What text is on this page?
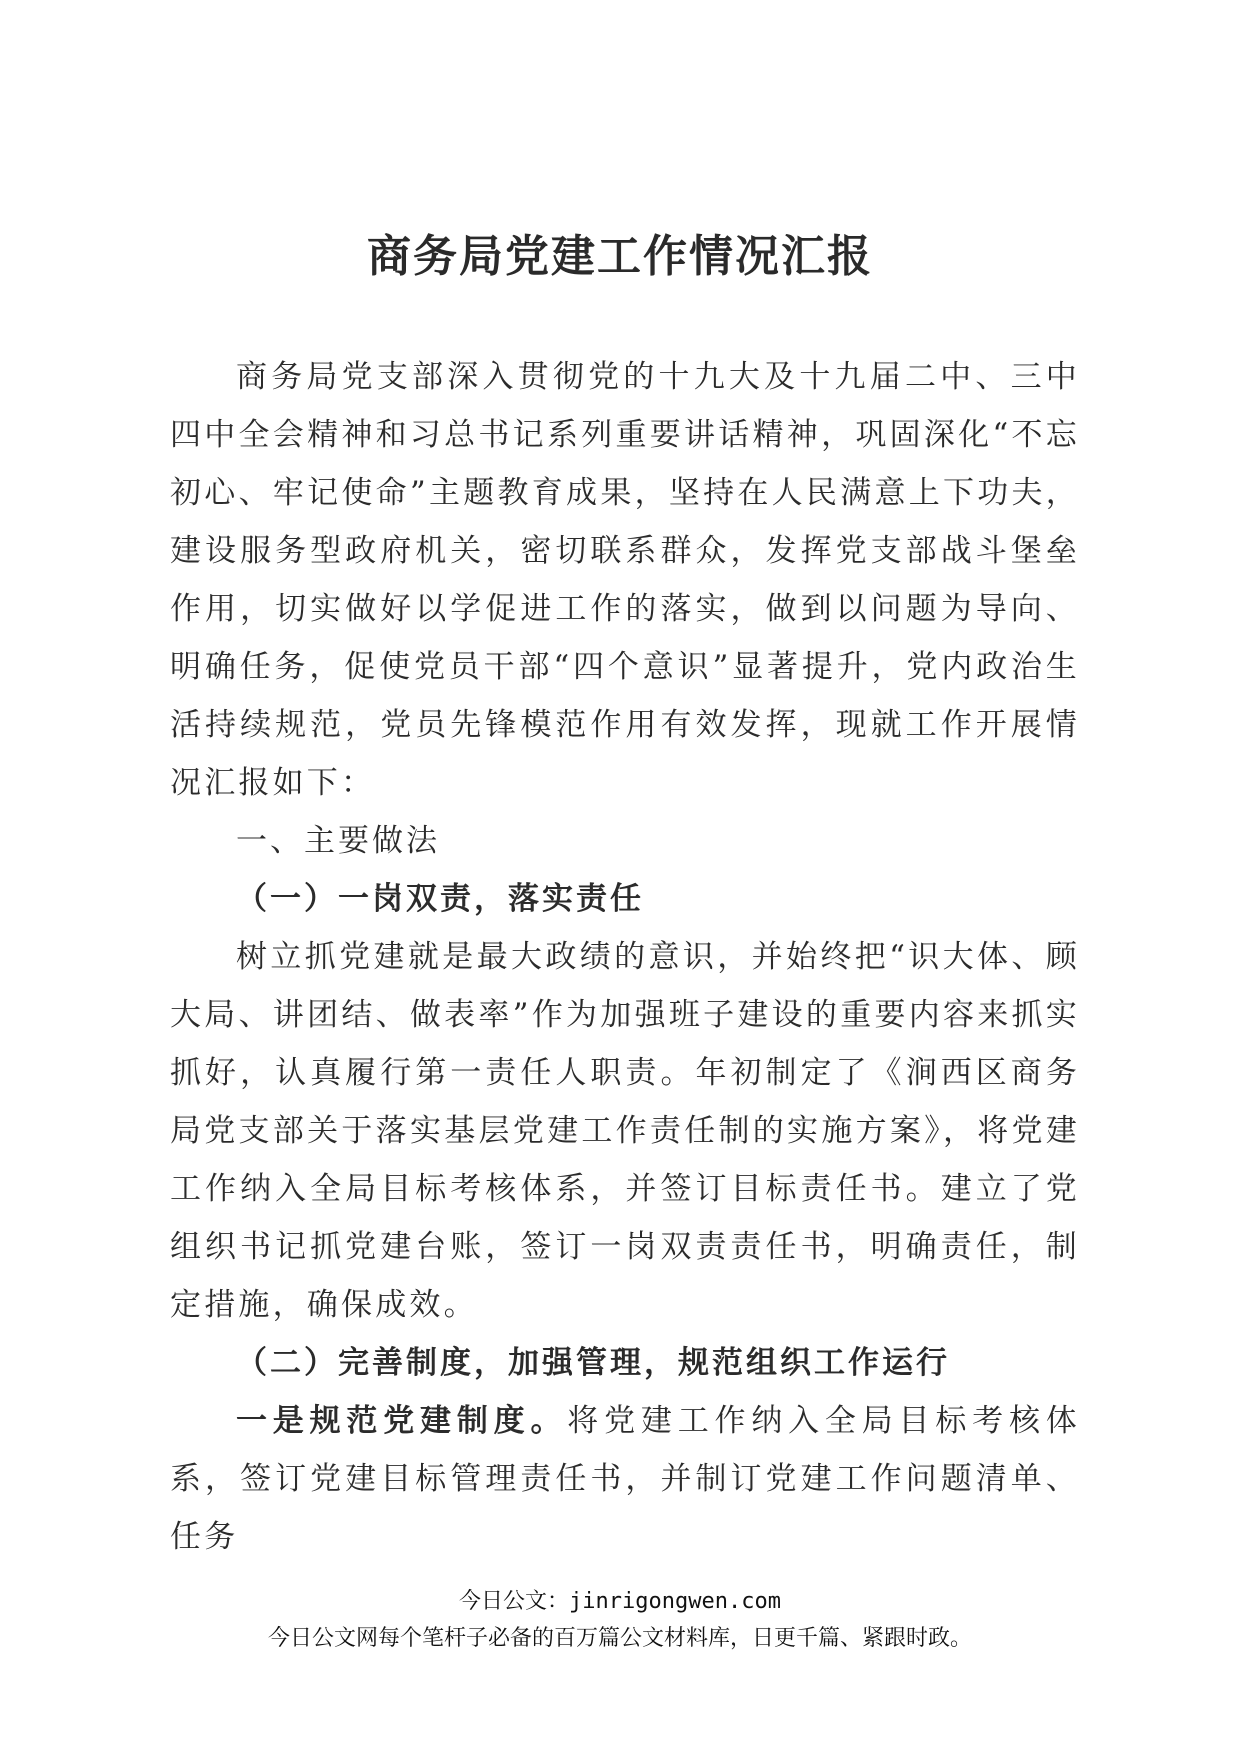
商务局党建工作情况汇报

商务局党支部深入贯彻党的十九大及十九届二中、三中四中全会精神和习总书记系列重要讲话精神，巩固深化“不忘初心、牢记使命”主题教育成果，坚持在人民满意上下功夫，建设服务型政府机关，密切联系群众，发挥党支部战斗堡垒作用，切实做好以学促进工作的落实，做到以问题为导向、明确任务，促使党员干部“四个意识”显著提升，党内政治生活持续规范，党员先锋模范作用有效发挥，现就工作开展情况汇报如下：

一、主要做法

（一）一岗双责，落实责任

树立抓党建就是最大政绩的意识，并始终把“识大体、顾大局、讲团结、做表率”作为加强班子建设的重要内容来抓实抓好，认真履行第一责任人职责。年初制定了《涧西区商务局党支部关于落实基层党建工作责任制的实施方案》，将党建工作纳入全局目标考核体系，并签订目标责任书。建立了党组织书记抓党建台账，签订一岗双责责任书，明确责任，制定措施，确保成效。

（二）完善制度，加强管理，规范组织工作运行

一是规范党建制度。将党建工作纳入全局目标考核体系，签订党建目标管理责任书，并制订党建工作问题清单、任务

今日公文：jinrigongwen.com
今日公文网每个笔杆子必备的百万篇公文材料库，日更千篇、紧跟时政。
